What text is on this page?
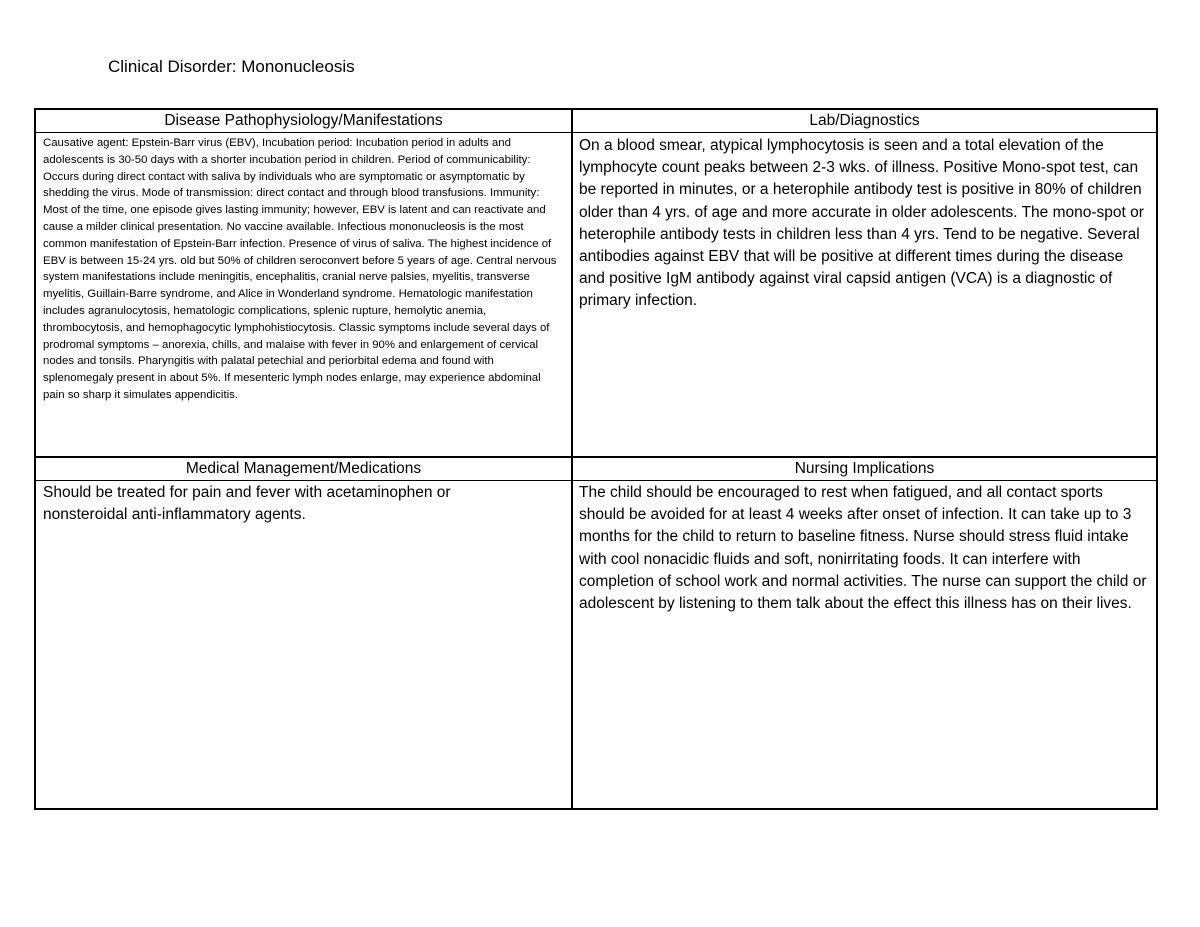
Clinical Disorder: Mononucleosis
Disease Pathophysiology/Manifestations
Causative agent: Epstein-Barr virus (EBV), Incubation period: Incubation period in adults and adolescents is 30-50 days with a shorter incubation period in children. Period of communicability: Occurs during direct contact with saliva by individuals who are symptomatic or asymptomatic by shedding the virus. Mode of transmission: direct contact and through blood transfusions. Immunity: Most of the time, one episode gives lasting immunity; however, EBV is latent and can reactivate and cause a milder clinical presentation. No vaccine available. Infectious mononucleosis is the most common manifestation of Epstein-Barr infection. Presence of virus of saliva. The highest incidence of EBV is between 15-24 yrs. old but 50% of children seroconvert before 5 years of age. Central nervous system manifestations include meningitis, encephalitis, cranial nerve palsies, myelitis, transverse myelitis, Guillain-Barre syndrome, and Alice in Wonderland syndrome. Hematologic manifestation includes agranulocytosis, hematologic complications, splenic rupture, hemolytic anemia, thrombocytosis, and hemophagocytic lymphohistiocytosis. Classic symptoms include several days of prodromal symptoms – anorexia, chills, and malaise with fever in 90% and enlargement of cervical nodes and tonsils. Pharyngitis with palatal petechial and periorbital edema and found with splenomegaly present in about 5%. If mesenteric lymph nodes enlarge, may experience abdominal pain so sharp it simulates appendicitis.
Lab/Diagnostics
On a blood smear, atypical lymphocytosis is seen and a total elevation of the lymphocyte count peaks between 2-3 wks. of illness. Positive Mono-spot test, can be reported in minutes, or a heterophile antibody test is positive in 80% of children older than 4 yrs. of age and more accurate in older adolescents. The mono-spot or heterophile antibody tests in children less than 4 yrs. Tend to be negative. Several antibodies against EBV that will be positive at different times during the disease and positive IgM antibody against viral capsid antigen (VCA) is a diagnostic of primary infection.
Medical Management/Medications
Should be treated for pain and fever with acetaminophen or nonsteroidal anti-inflammatory agents.
Nursing Implications
The child should be encouraged to rest when fatigued, and all contact sports should be avoided for at least 4 weeks after onset of infection. It can take up to 3 months for the child to return to baseline fitness. Nurse should stress fluid intake with cool nonacidic fluids and soft, nonirritating foods. It can interfere with completion of school work and normal activities. The nurse can support the child or adolescent by listening to them talk about the effect this illness has on their lives.
